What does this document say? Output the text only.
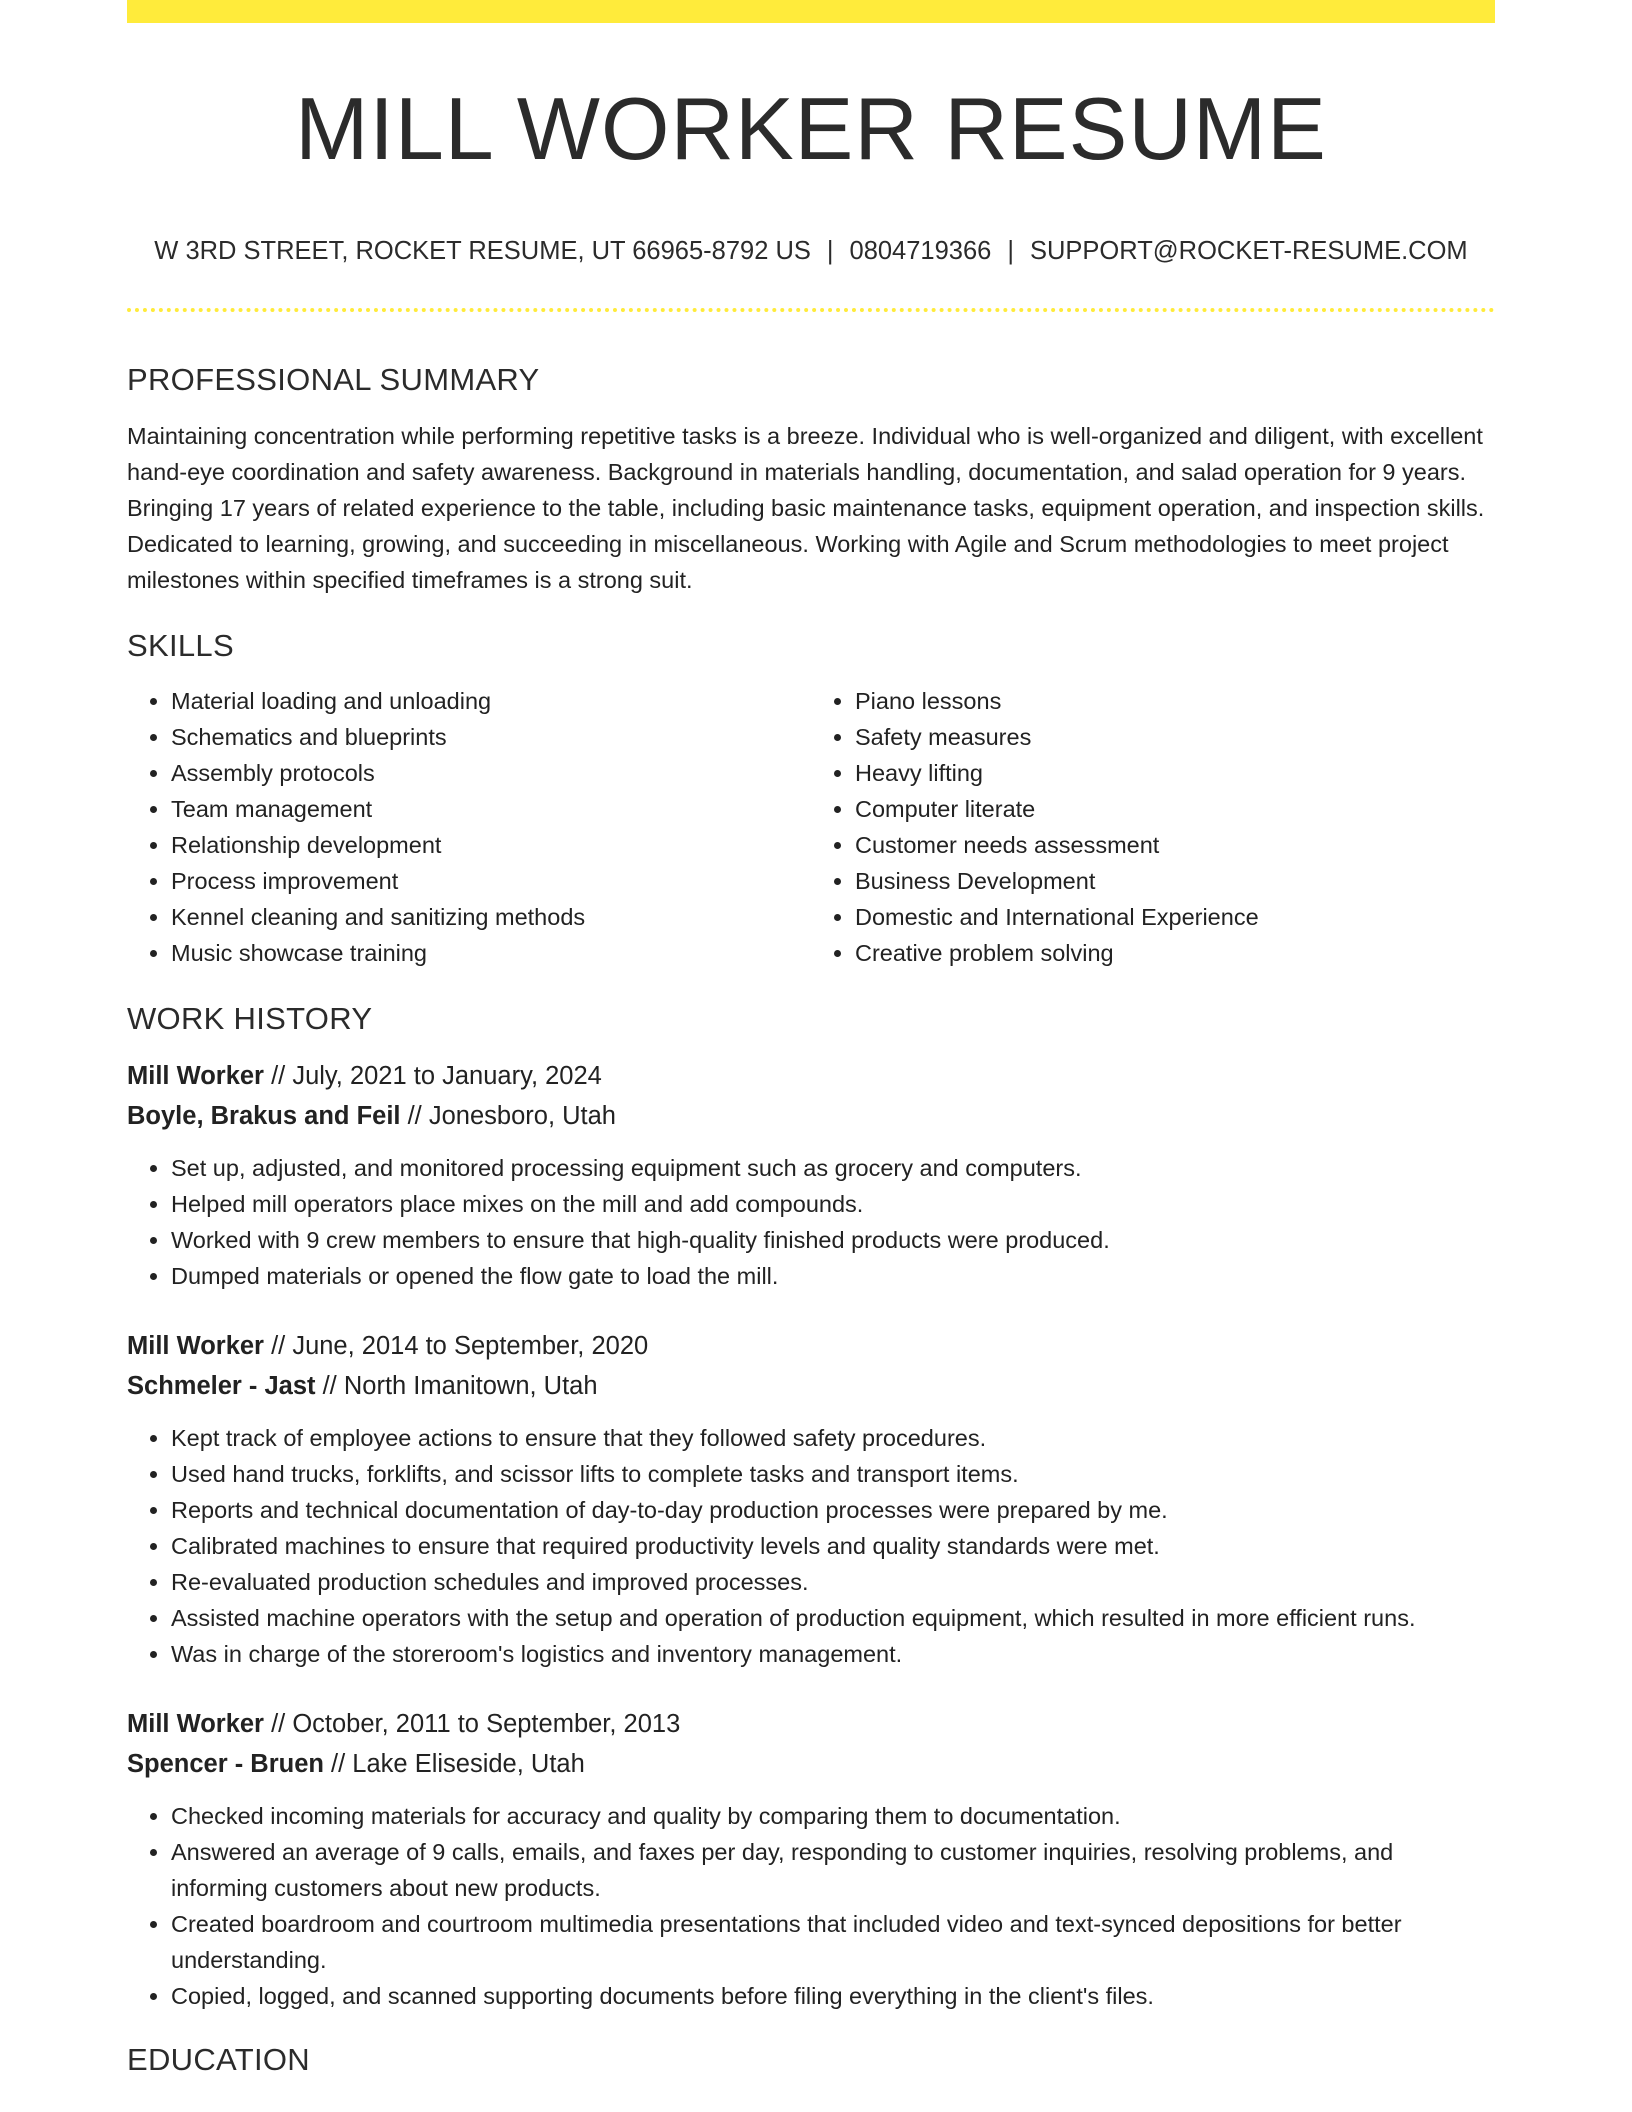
MILL WORKER RESUME
W 3RD STREET, ROCKET RESUME, UT 66965-8792 US | 0804719366 | SUPPORT@ROCKET-RESUME.COM
PROFESSIONAL SUMMARY

Maintaining concentration while performing repetitive tasks is a breeze. Individual who is well-organized and diligent, with excellent hand-eye coordination and safety awareness. Background in materials handling, documentation, and salad operation for 9 years. Bringing 17 years of related experience to the table, including basic maintenance tasks, equipment operation, and inspection skills. Dedicated to learning, growing, and succeeding in miscellaneous. Working with Agile and Scrum methodologies to meet project milestones within specified timeframes is a strong suit.

SKILLS
• Material loading and unloading
• Schematics and blueprints
• Assembly protocols
• Team management
• Relationship development
• Process improvement
• Kennel cleaning and sanitizing methods
• Music showcase training
• Piano lessons
• Safety measures
• Heavy lifting
• Computer literate
• Customer needs assessment
• Business Development
• Domestic and International Experience
• Creative problem solving
WORK HISTORY

Mill Worker // July, 2021 to January, 2024

Boyle, Brakus and Feil // Jonesboro, Utah

• Set up, adjusted, and monitored processing equipment such as grocery and computers.
• Helped mill operators place mixes on the mill and add compounds.
• Worked with 9 crew members to ensure that high-quality finished products were produced.
• Dumped materials or opened the flow gate to load the mill.

Mill Worker // June, 2014 to September, 2020

Schmeler - Jast // North Imanitown, Utah

• Kept track of employee actions to ensure that they followed safety procedures.
• Used hand trucks, forklifts, and scissor lifts to complete tasks and transport items.
• Reports and technical documentation of day-to-day production processes were prepared by me.
• Calibrated machines to ensure that required productivity levels and quality standards were met.
• Re-evaluated production schedules and improved processes.
• Assisted machine operators with the setup and operation of production equipment, which resulted in more efficient runs.
• Was in charge of the storeroom's logistics and inventory management.

Mill Worker // October, 2011 to September, 2013

Spencer - Bruen // Lake Eliseside, Utah

• Checked incoming materials for accuracy and quality by comparing them to documentation.
• Answered an average of 9 calls, emails, and faxes per day, responding to customer inquiries, resolving problems, and informing customers about new products.
• Created boardroom and courtroom multimedia presentations that included video and text-synced depositions for better understanding.
• Copied, logged, and scanned supporting documents before filing everything in the client's files.
EDUCATION
